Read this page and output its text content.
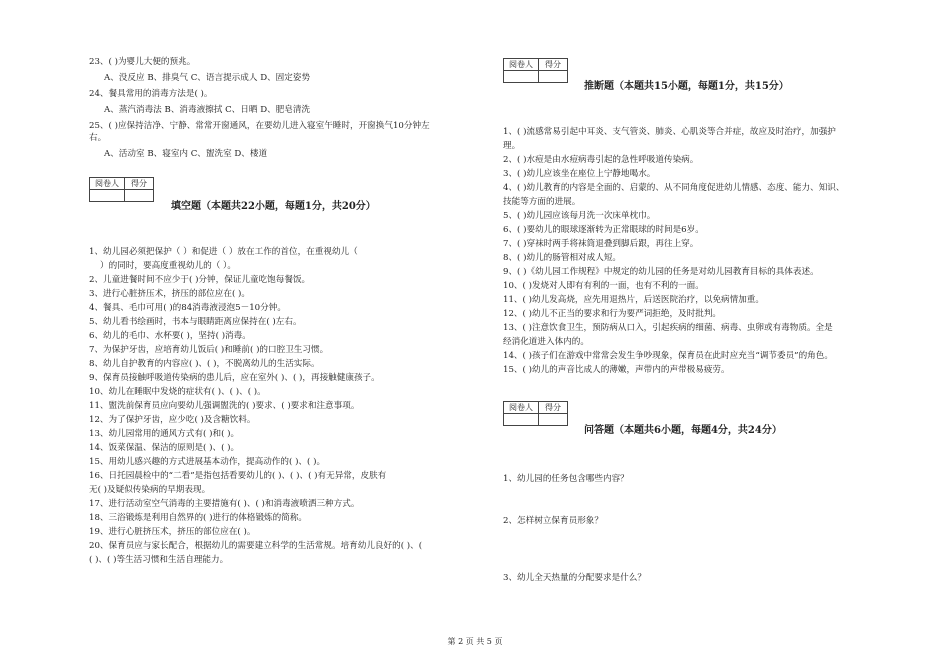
23、( )为婴儿大便的预兆。
A、没反应 B、排臭气 C、语言提示成人 D、固定姿势
24、餐具常用的消毒方法是( )。
A、蒸汽消毒法 B、消毒液擦拭 C、日晒 D、肥皂清洗
25、( )应保持洁净、宁静、常常开窗通风，在要幼儿进入寝室午睡时，开窗换气10分钟左
右。
A、活动室 B、寝室内 C、盥洗室 D、楼道
阅卷人	得分

填空题（本题共22小题，每题1分，共20分）
1、幼儿园必须把保护（ ）和促进（ ）放在工作的首位，在重视幼儿（
）的同时，要高度重视幼儿的（ ）。
2、儿童进餐时间不应少于( )分钟，保证儿童吃饱每餐饭。
3、进行心脏挤压术，挤压的部位应在( )。
4、餐具、毛巾可用( )的84消毒液浸泡5－10分钟。
5、幼儿看书绘画时，书本与眼睛距离应保持在( )左右。
6、幼儿的毛巾、水杯要( )，坚持( )消毒。
7、为保护牙齿，应培育幼儿饭后( )和睡前( )的口腔卫生习惯。
8、幼儿自护教育的内容应( )、( )，不脱离幼儿的生活实际。
9、保育员接触呼吸道传染病的患儿后，应在室外( )、( )，再接触健康孩子。
10、幼儿在睡眠中发烧的症状有( )、( )、( )。
11、盥洗前保育员应向要幼儿强调盥洗的( )要求、( )要求和注意事项。
12、为了保护牙齿，应少吃( )及含糖饮料。
13、幼儿园常用的通风方式有( )和( )。
14、饭菜保温、保洁的原则是( )、( )。
15、用幼儿感兴趣的方式进展基本动作，提高动作的( )、( )。
16、日托园晨检中的“二看”是指包括看要幼儿的( )、( )、( )有无异常，皮肤有
无( )及疑似传染病的早期表现。
17、进行活动室空气消毒的主要措施有( )、( )和消毒液喷洒三种方式。
18、三浴锻炼是利用自然界的( )进行的体格锻炼的简称。
19、进行心脏挤压术，挤压的部位应在( )。
20、保育员应与家长配合，根据幼儿的需要建立科学的生活常规。培育幼儿良好的( )、(
( )、( )等生活习惯和生活自理能力。
阅卷人	得分

推断题（本题共15小题，每题1分，共15分）
1、( )流感常易引起中耳炎、支气管炎、肺炎、心肌炎等合并症，故应及时治疗，加强护
理。
2、( )水痘是由水痘病毒引起的急性呼吸道传染病。
3、( )幼儿应该坐在座位上宁静地喝水。
4、( )幼儿教育的内容是全面的、启蒙的、从不同角度促进幼儿情感、态度、能力、知识、
技能等方面的进展。
5、( )幼儿园应该每月洗一次床单枕巾。
6、( )要幼儿的眼球逐渐转为正常眼球的时间是6岁。
7、( )穿袜时两手将袜筒退叠到脚后跟，再往上穿。
8、( )幼儿的肠管相对成人短。
9、( )《幼儿园工作规程》中规定的幼儿园的任务是对幼儿园教育目标的具体表述。
10、( )发烧对人即有有利的一面，也有不利的一面。
11、( )幼儿发高烧，应先用退热片，后送医院治疗，以免病情加重。
12、( )幼儿不正当的要求和行为要严词拒绝，及时批判。
13、( )注意饮食卫生，预防病从口入，引起疾病的细菌、病毒、虫卵或有毒物质。全是
经消化道进入体内的。
14、( )孩子们在游戏中常常会发生争吵现象，保育员在此时应充当“调节委员”的角色。
15、( )幼儿的声音比成人的薄嫩，声带内的声带极易疲劳。
阅卷人	得分

问答题（本题共6小题，每题4分，共24分）
1、幼儿园的任务包含哪些内容？
2、怎样树立保育员形象？
3、幼儿全天热量的分配要求是什么？
第 2 页 共 5 页
